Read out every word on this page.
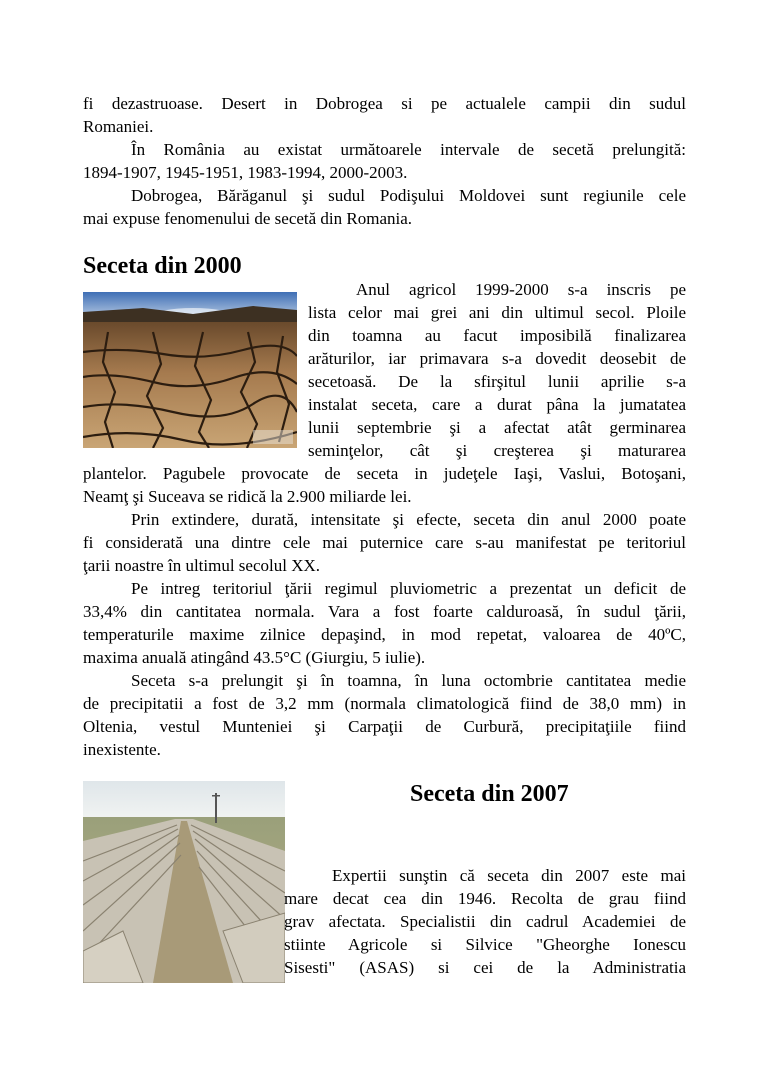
fi dezastruoase. Desert in Dobrogea si pe actualele campii din sudul
Romaniei.
În România au existat următoarele intervale de secetă prelungită:
1894-1907, 1945-1951, 1983-1994, 2000-2003.
Dobrogea, Bărăganul şi sudul Podişului Moldovei sunt regiunile cele
mai expuse fenomenului de secetă din Romania.
Seceta din 2000
Anul agricol 1999-2000 s-a inscris pe
lista celor mai grei ani din ultimul secol. Ploile
din toamna au facut imposibilă finalizarea
arăturilor, iar primavara s-a dovedit deosebit de
secetoasă. De la sfirşitul lunii aprilie s-a
instalat seceta, care a durat pâna la jumatatea
lunii septembrie şi a afectat atât germinarea
seminţelor, cât şi creşterea şi maturarea
plantelor. Pagubele provocate de seceta in judeţele Iaşi, Vaslui, Botoşani,
Neamţ şi Suceava se ridică la 2.900 miliarde lei.
Prin extindere, durată, intensitate şi efecte, seceta din anul 2000 poate
fi considerată una dintre cele mai puternice care s-au manifestat pe teritoriul
ţarii noastre în ultimul secolul XX.
Pe intreg teritoriul ţării regimul pluviometric a prezentat un deficit de
33,4% din cantitatea normala. Vara a fost foarte calduroasă, în sudul ţării,
temperaturile maxime zilnice depaşind, in mod repetat, valoarea de 40ºC,
maxima anuală atingând 43.5°C (Giurgiu, 5 iulie).
Seceta s-a prelungit şi în toamna, în luna octombrie cantitatea medie
de precipitatii a fost de 3,2 mm (normala climatologică fiind de 38,0 mm) in
Oltenia, vestul Munteniei şi Carpaţii de Curbură, precipitaţiile fiind
inexistente.
Seceta din 2007
Expertii sunştin că seceta din 2007 este mai
mare decat cea din 1946. Recolta de grau fiind
grav afectata. Specialistii din cadrul Academiei de
stiinte Agricole si Silvice "Gheorghe Ionescu
Sisesti" (ASAS) si cei de la Administratia
